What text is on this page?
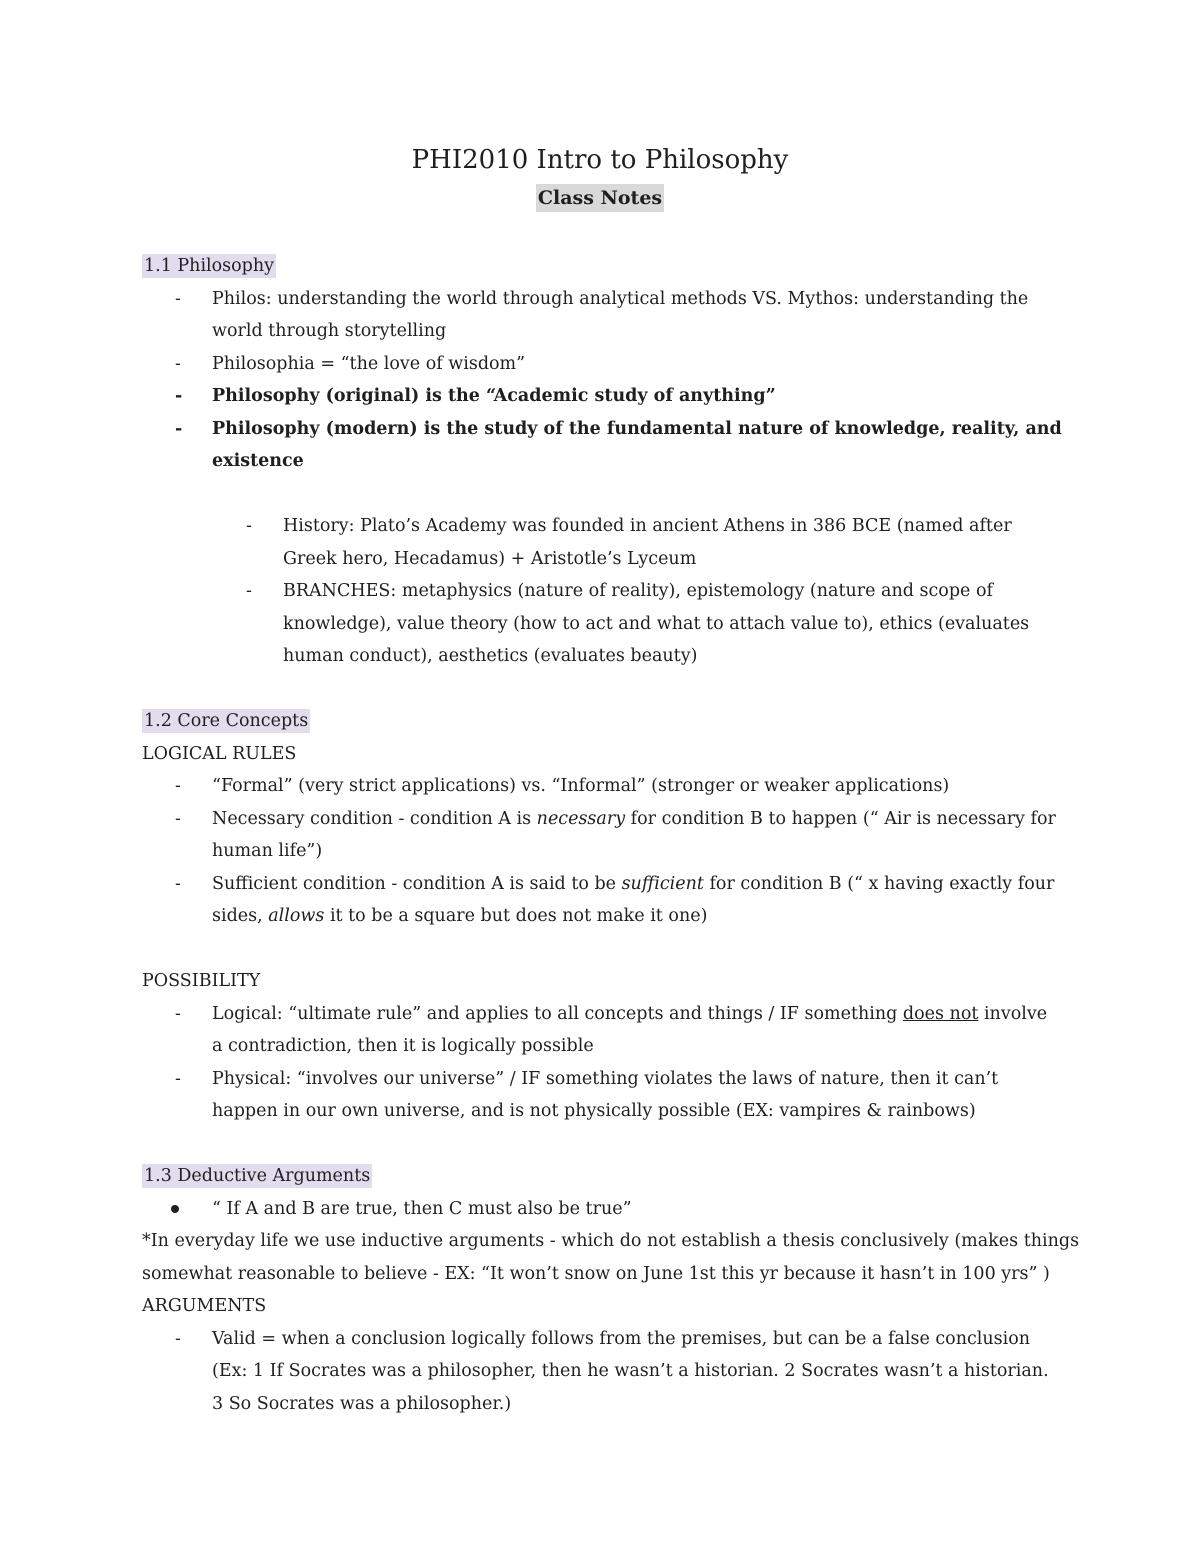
PHI2010 Intro to Philosophy
Class Notes
1.1 Philosophy
- Philos: understanding the world through analytical methods VS. Mythos: understanding the world through storytelling
- Philosophia = “the love of wisdom”
- Philosophy (original) is the “Academic study of anything”
- Philosophy (modern) is the study of the fundamental nature of knowledge, reality, and existence
- History: Plato’s Academy was founded in ancient Athens in 386 BCE (named after Greek hero, Hecadamus) + Aristotle’s Lyceum
- BRANCHES: metaphysics (nature of reality), epistemology (nature and scope of knowledge), value theory (how to act and what to attach value to), ethics (evaluates human conduct), aesthetics (evaluates beauty)
1.2 Core Concepts
LOGICAL RULES
- “Formal” (very strict applications) vs. “Informal” (stronger or weaker applications)
- Necessary condition - condition A is necessary for condition B to happen (“ Air is necessary for human life”)
- Sufficient condition - condition A is said to be sufficient for condition B (“ x having exactly four sides, allows it to be a square but does not make it one)
POSSIBILITY
- Logical: “ultimate rule” and applies to all concepts and things / IF something does not involve a contradiction, then it is logically possible
- Physical: “involves our universe” / IF something violates the laws of nature, then it can’t happen in our own universe, and is not physically possible (EX: vampires & rainbows)
1.3 Deductive Arguments
“ If A and B are true, then C must also be true”
*In everyday life we use inductive arguments - which do not establish a thesis conclusively (makes things
somewhat reasonable to believe - EX: “It won’t snow on June 1st this yr because it hasn’t in 100 yrs” )
ARGUMENTS
- Valid = when a conclusion logically follows from the premises, but can be a false conclusion (Ex: 1 If Socrates was a philosopher, then he wasn’t a historian. 2 Socrates wasn’t a historian. 3 So Socrates was a philosopher.)
